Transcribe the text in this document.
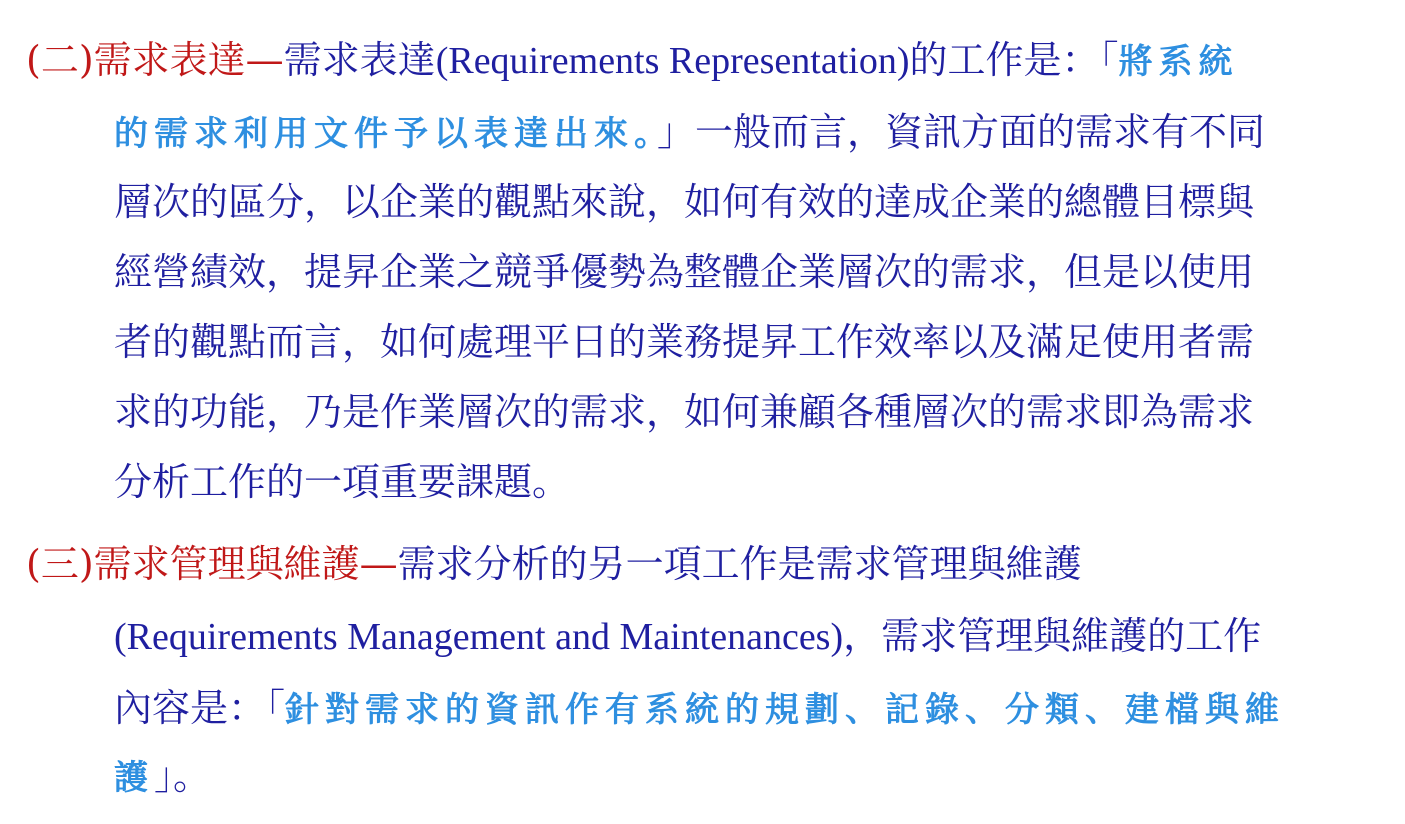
(二)需求表達—需求表達(Requirements Representation)的工作是：「將系統
的需求利用文件予以表達出來。」一般而言，資訊方面的需求有不同
層次的區分，以企業的觀點來說，如何有效的達成企業的總體目標與
經營績效，提昇企業之競爭優勢為整體企業層次的需求，但是以使用
者的觀點而言，如何處理平日的業務提昇工作效率以及滿足使用者需
求的功能，乃是作業層次的需求，如何兼顧各種層次的需求即為需求
分析工作的一項重要課題。
(三)需求管理與維護—需求分析的另一項工作是需求管理與維護
(Requirements Management and Maintenances)，需求管理與維護的工作
內容是：「針對需求的資訊作有系統的規劃、記錄、分類、建檔與維
護」。
